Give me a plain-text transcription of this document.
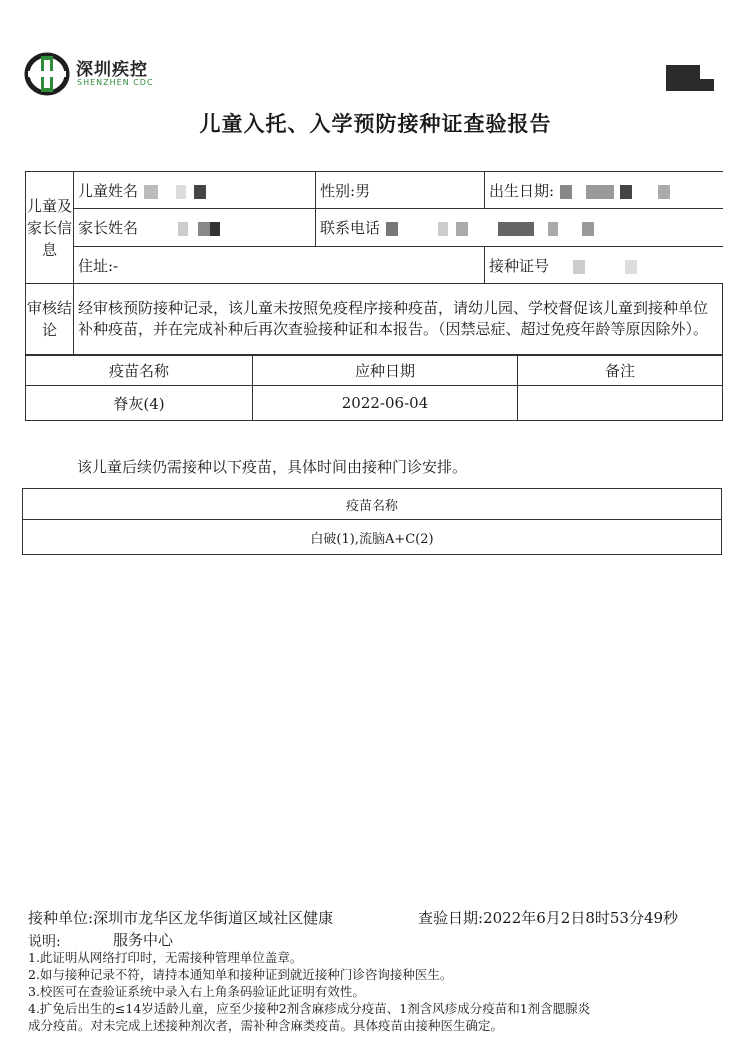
深圳疾控
SHENZHEN CDC
儿童入托、入学预防接种证查验报告
儿童及家长信息	儿童姓名	性别:男	出生日期:
	家长姓名	联系电话	
	住址:-		接种证号
审核结论	经审核预防接种记录，该儿童未按照免疫程序接种疫苗，请幼儿园、学校督促该儿童到接种单位补种疫苗，并在完成补种后再次查验接种证和本报告。（因禁忌症、超过免疫年龄等原因除外）。		
疫苗名称	应种日期	备注
脊灰(4)	2022-06-04	
该儿童后续仍需接种以下疫苗，具体时间由接种门诊安排。
疫苗名称
白破(1),流脑A+C(2)
接种单位:深圳市龙华区龙华街道区域社区健康	查验日期:2022年6月2日8时53分49秒
说明:	服务中心
1.此证明从网络打印时，无需接种管理单位盖章。
2.如与接种记录不符，请持本通知单和接种证到就近接种门诊咨询接种医生。
3.校医可在查验证系统中录入右上角条码验证此证明有效性。
4.扩免后出生的≤14岁适龄儿童，应至少接种2剂含麻疹成分疫苗、1剂含风疹成分疫苗和1剂含腮腺炎
成分疫苗。对未完成上述接种剂次者，需补种含麻类疫苗。具体疫苗由接种医生确定。
